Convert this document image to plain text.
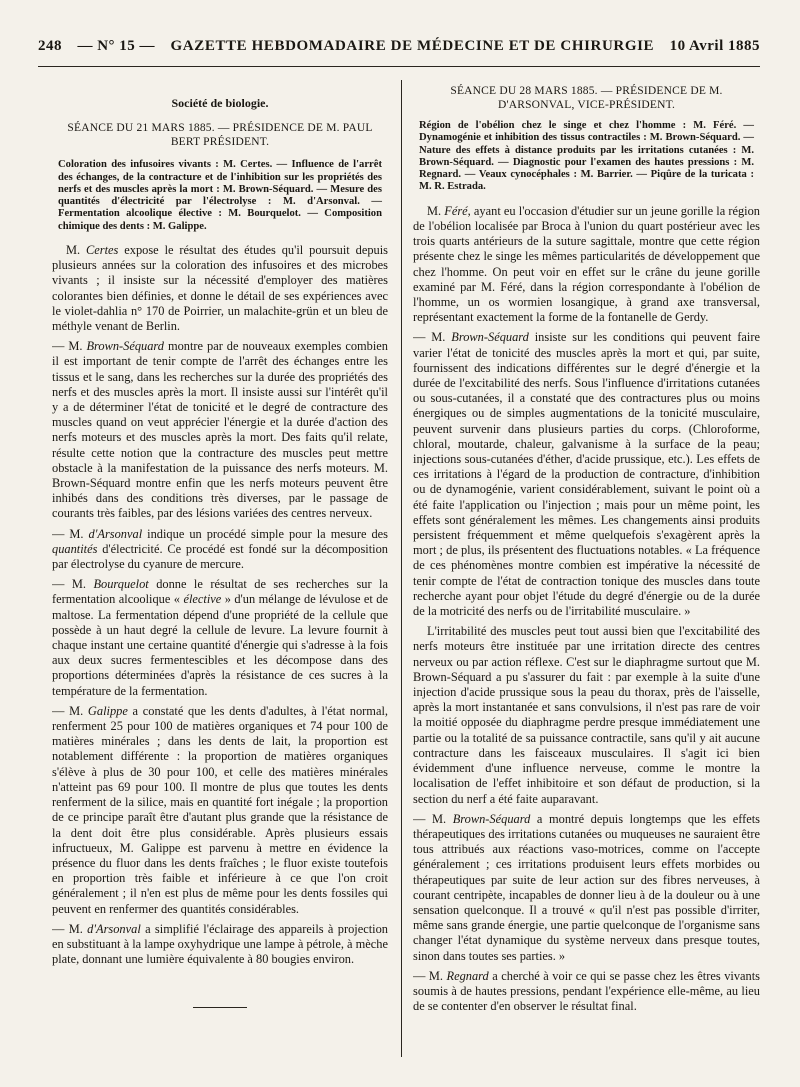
248 — N° 15 — GAZETTE HEBDOMADAIRE DE MÉDECINE ET DE CHIRURGIE 10 Avril 1885
Société de biologie.
SÉANCE DU 21 MARS 1885. — PRÉSIDENCE DE M. PAUL BERT PRÉSIDENT.
Coloration des infusoires vivants : M. Certes. — Influence de l'arrêt des échanges, de la contracture et de l'inhibition sur les propriétés des nerfs et des muscles après la mort : M. Brown-Séquard. — Mesure des quantités d'électricité par l'électrolyse : M. d'Arsonval. — Fermentation alcoolique élective : M. Bourquelot. — Composition chimique des dents : M. Galippe.

M. Certes expose le résultat des études qu'il poursuit depuis plusieurs années sur la coloration des infusoires et des microbes vivants ; il insiste sur la nécessité d'employer des matières colorantes bien définies, et donne le détail de ses expériences avec le violet-dahlia n° 170 de Poirrier, un malachite-grün et un bleu de méthyle venant de Berlin.

— M. Brown-Séquard montre par de nouveaux exemples combien il est important de tenir compte de l'arrêt des échanges entre les tissus et le sang, dans les recherches sur la durée des propriétés des nerfs et des muscles après la mort. Il insiste aussi sur l'intérêt qu'il y a de déterminer l'état de tonicité et le degré de contracture des muscles quand on veut apprécier l'énergie et la durée d'action des nerfs moteurs et des muscles après la mort. Des faits qu'il relate, résulte cette notion que la contracture des muscles peut mettre obstacle à la manifestation de la puissance des nerfs moteurs. M. Brown-Séquard montre enfin que les nerfs moteurs peuvent être inhibés dans des conditions très diverses, par le passage de courants très faibles, par des lésions variées des centres nerveux.

— M. d'Arsonval indique un procédé simple pour la mesure des quantités d'électricité. Ce procédé est fondé sur la décomposition par électrolyse du cyanure de mercure.

— M. Bourquelot donne le résultat de ses recherches sur la fermentation alcoolique « élective » d'un mélange de lévulose et de maltose. La fermentation dépend d'une propriété de la cellule que possède à un haut degré la cellule de levure. La levure fournit à chaque instant une certaine quantité d'énergie qui s'adresse à la fois aux deux sucres fermentescibles et les décompose dans des proportions déterminées d'après la résistance de ces sucres à la température de la fermentation.

— M. Galippe a constaté que les dents d'adultes, à l'état normal, renferment 25 pour 100 de matières organiques et 74 pour 100 de matières minérales ; dans les dents de lait, la proportion est notablement différente : la proportion de matières organiques s'élève à plus de 30 pour 100, et celle des matières minérales n'atteint pas 69 pour 100. Il montre de plus que toutes les dents renferment de la silice, mais en quantité fort inégale ; la proportion de ce principe paraît être d'autant plus grande que la résistance de la dent doit être plus considérable. Après plusieurs essais infructueux, M. Galippe est parvenu à mettre en évidence la présence du fluor dans les dents fraîches ; le fluor existe toutefois en proportion très faible et inférieure à ce que l'on croit généralement ; il n'en est plus de même pour les dents fossiles qui peuvent en renfermer des quantités considérables.

— M. d'Arsonval a simplifié l'éclairage des appareils à projection en substituant à la lampe oxyhydrique une lampe à pétrole, à mèche plate, donnant une lumière équivalente à 80 bougies environ.

SÉANCE DU 28 MARS 1885. — PRÉSIDENCE DE M. D'ARSONVAL, VICE-PRÉSIDENT.
Région de l'obélion chez le singe et chez l'homme : M. Féré. — Dynamogénie et inhibition des tissus contractiles : M. Brown-Séquard. — Nature des effets à distance produits par les irritations cutanées : M. Brown-Séquard. — Diagnostic pour l'examen des hautes pressions : M. Regnard. — Veaux cynocéphales : M. Barrier. — Piqûre de la turicata : M. R. Estrada.

M. Féré, ayant eu l'occasion d'étudier sur un jeune gorille la région de l'obélion localisée par Broca à l'union du quart postérieur avec les trois quarts antérieurs de la suture sagittale, montre que cette région présente chez le singe les mêmes particularités de développement que chez l'homme. On peut voir en effet sur le crâne du jeune gorille examiné par M. Féré, dans la région correspondante à l'obélion de l'homme, un os wormien losangique, à grand axe transversal, représentant exactement la forme de la fontanelle de Gerdy.

— M. Brown-Séquard insiste sur les conditions qui peuvent faire varier l'état de tonicité des muscles après la mort et qui, par suite, fournissent des indications différentes sur le degré d'énergie et la durée de l'excitabilité des nerfs. Sous l'influence d'irritations cutanées ou sous-cutanées, il a constaté que des contractures plus ou moins énergiques ou de simples augmentations de la tonicité musculaire, peuvent survenir dans plusieurs parties du corps. (Chloroforme, chloral, moutarde, chaleur, galvanisme à la surface de la peau; injections sous-cutanées d'éther, d'acide prussique, etc.). Les effets de ces irritations à l'égard de la production de contracture, d'inhibition ou de dynamogénie, varient considérablement, suivant le point où a été faite l'application ou l'injection ; mais pour un même point, les effets sont généralement les mêmes. Les changements ainsi produits persistent fréquemment et même quelquefois s'exagèrent après la mort ; de plus, ils présentent des fluctuations notables. « La fréquence de ces phénomènes montre combien est impérative la nécessité de tenir compte de l'état de contraction tonique des muscles dans toute recherche ayant pour objet l'étude du degré d'énergie ou de la durée de la motricité des nerfs ou de l'irritabilité musculaire. »

L'irritabilité des muscles peut tout aussi bien que l'excitabilité des nerfs moteurs être instituée par une irritation directe des centres nerveux ou par action réflexe. C'est sur le diaphragme surtout que M. Brown-Séquard a pu s'assurer du fait : par exemple à la suite d'une injection d'acide prussique sous la peau du thorax, près de l'aisselle, après la mort instantanée et sans convulsions, il n'est pas rare de voir la moitié opposée du diaphragme perdre presque immédiatement une partie ou la totalité de sa puissance contractile, sans qu'il y ait aucune contracture dans les faisceaux musculaires. Il s'agit ici bien évidemment d'une influence nerveuse, comme le montre la localisation de l'effet inhibitoire et son défaut de production, si la section du nerf a été faite auparavant.

— M. Brown-Séquard a montré depuis longtemps que les effets thérapeutiques des irritations cutanées ou muqueuses ne sauraient être tous attribués aux réactions vaso-motrices, comme on l'accepte généralement ; ces irritations produisent leurs effets morbides ou thérapeutiques par suite de leur action sur des fibres nerveuses, à courant centripète, incapables de donner lieu à de la douleur ou à une sensation quelconque. Il a trouvé « qu'il n'est pas possible d'irriter, même sans grande énergie, une partie quelconque de l'organisme sans changer l'état dynamique du système nerveux dans presque toutes, sinon dans toutes ses parties. »

— M. Regnard a cherché à voir ce qui se passe chez les êtres vivants soumis à de hautes pressions, pendant l'expérience elle-même, au lieu de se contenter d'en observer le résultat final.
